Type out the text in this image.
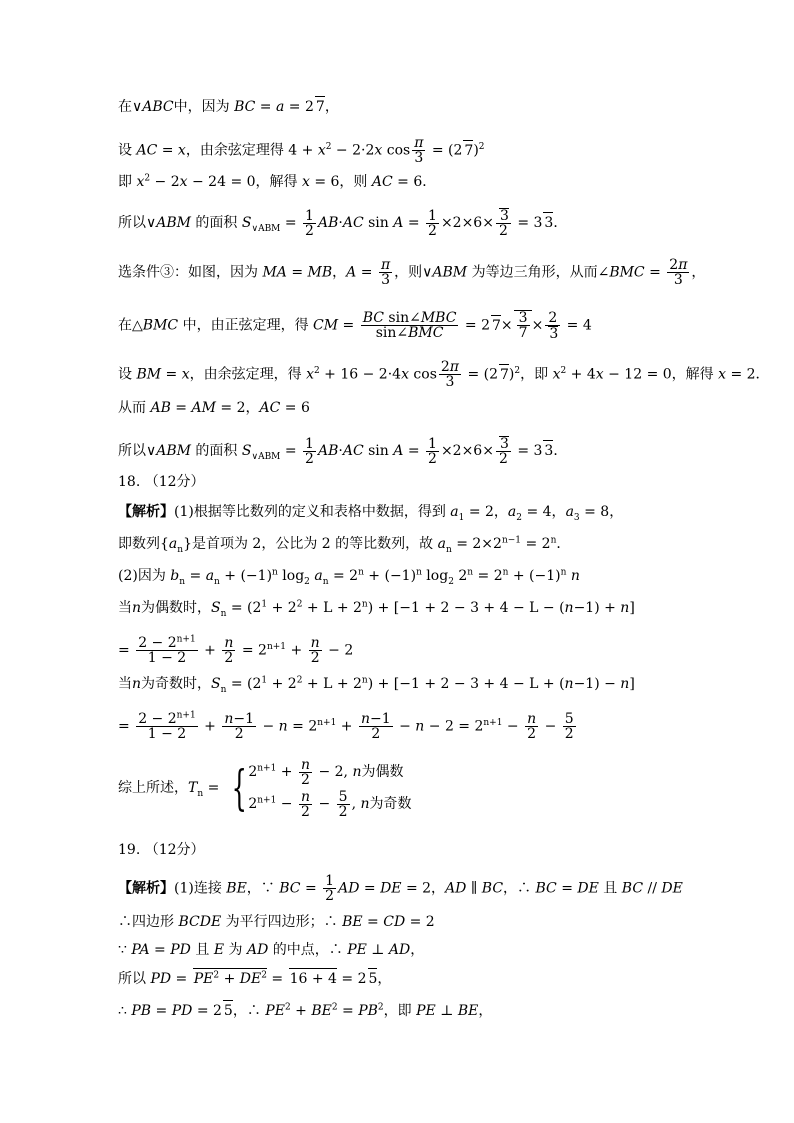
在∨ABC中，因为 BC = a = 2 7，
设 AC = x，由余弦定理得 $4 + x^2 - 2\cdot 2x$ $\cos \frac{\pi}{3} = (2$ 7)$^2$
即 $x^2 - 2x - 24 = 0$，解得 x = 6，则 AC = 6．
所以∨ABM 的面积 $S_{\vee ABM} = \frac{1}{2} AB\cdot AC$ $\sin A = \frac{1}{2} \times 2\times 6\times \frac{3}{2} = 3$ 3．
选条件③：如图，因为 MA = MB，$A = \frac{\pi}{3}$ ，则∨ABM 为等边三角形，从而∠BMC = $\frac{2\pi}{3}$ ，
在△BMC 中，由正弦定理，得 CM = $\frac{\text{BC sin∠MBC}}{\text{sin∠BMC}} = 2$ $7\times \frac{3}{7} \times \frac{2}{3} = 4$
设 BM = x，由余弦定理，得 $x^2 + 16 - 2\cdot 4x$ $\cos \frac{2\pi}{3} = (2$ 7)$^2$，即 $x^2 + 4x - 12 = 0$，解得 x = 2．
从而 AB = AM = 2，AC = 6
所以∨ABM 的面积 $S_{\vee ABM} = \frac{1}{2} AB\cdot AC$ $\sin A = \frac{1}{2} \times 2\times 6\times \frac{3}{2} = 3$ 3．
18. （12分）
【解析】(1)根据等比数列的定义和表格中数据，得到 $a_1 = 2$，$a_2 = 4$，$a_3 = 8$，
即数列$\{a_n\}$是首项为 2，公比为 2 的等比数列，故 $a_n = 2\times 2^{n-1} = 2^n$．
(2)因为 $b_n = a_n + (-1)^n$ $\log_2 a_n = 2^n + (-1)^n$ $\log_2 2^n = 2^n + (-1)^n$ n
当n为偶数时，$S_n = (2^1 + 2^2 + L + 2^n) + [-1 + 2 - 3 + 4 - L - (n-1) + n]$
= $\frac{2 - 2^{n+1}}{1 - 2} + \frac{n}{2} = 2^{n+1} + \frac{n}{2} - 2$
当n为奇数时，$S_n = (2^1 + 2^2 + L + 2^n) + [-1 + 2 - 3 + 4 - L + (n-1) - n]$
= $\frac{2 - 2^{n+1}}{1 - 2} + \frac{n-1}{2} - n = 2^{n+1} + \frac{n-1}{2} - n - 2 = 2^{n+1} - \frac{n}{2} - \frac{5}{2}$
综上所述，$T_n$ = { $2^{n+1} + \frac{n}{2} - 2$, n为偶数
$2^{n+1} - \frac{n}{2} - \frac{5}{2}$ , n为奇数
19. （12分）
【解析】(1)连接 BE，∵ BC = $\frac{1}{2}$ AD = DE = 2，AD ∥ BC，∴ BC = DE 且 BC // DE
∴四边形 BCDE 为平行四边形；∴ BE = CD = 2
∵ PA = PD 且 E 为 AD 的中点，∴ PE ⊥ AD，
所以 PD = $PE^2 + DE^2 = 16 + 4 = 2$ 5，
∴ PB = PD = 2 5，∴ $PE^2 + BE^2 = PB^2$，即 PE ⊥ BE，
